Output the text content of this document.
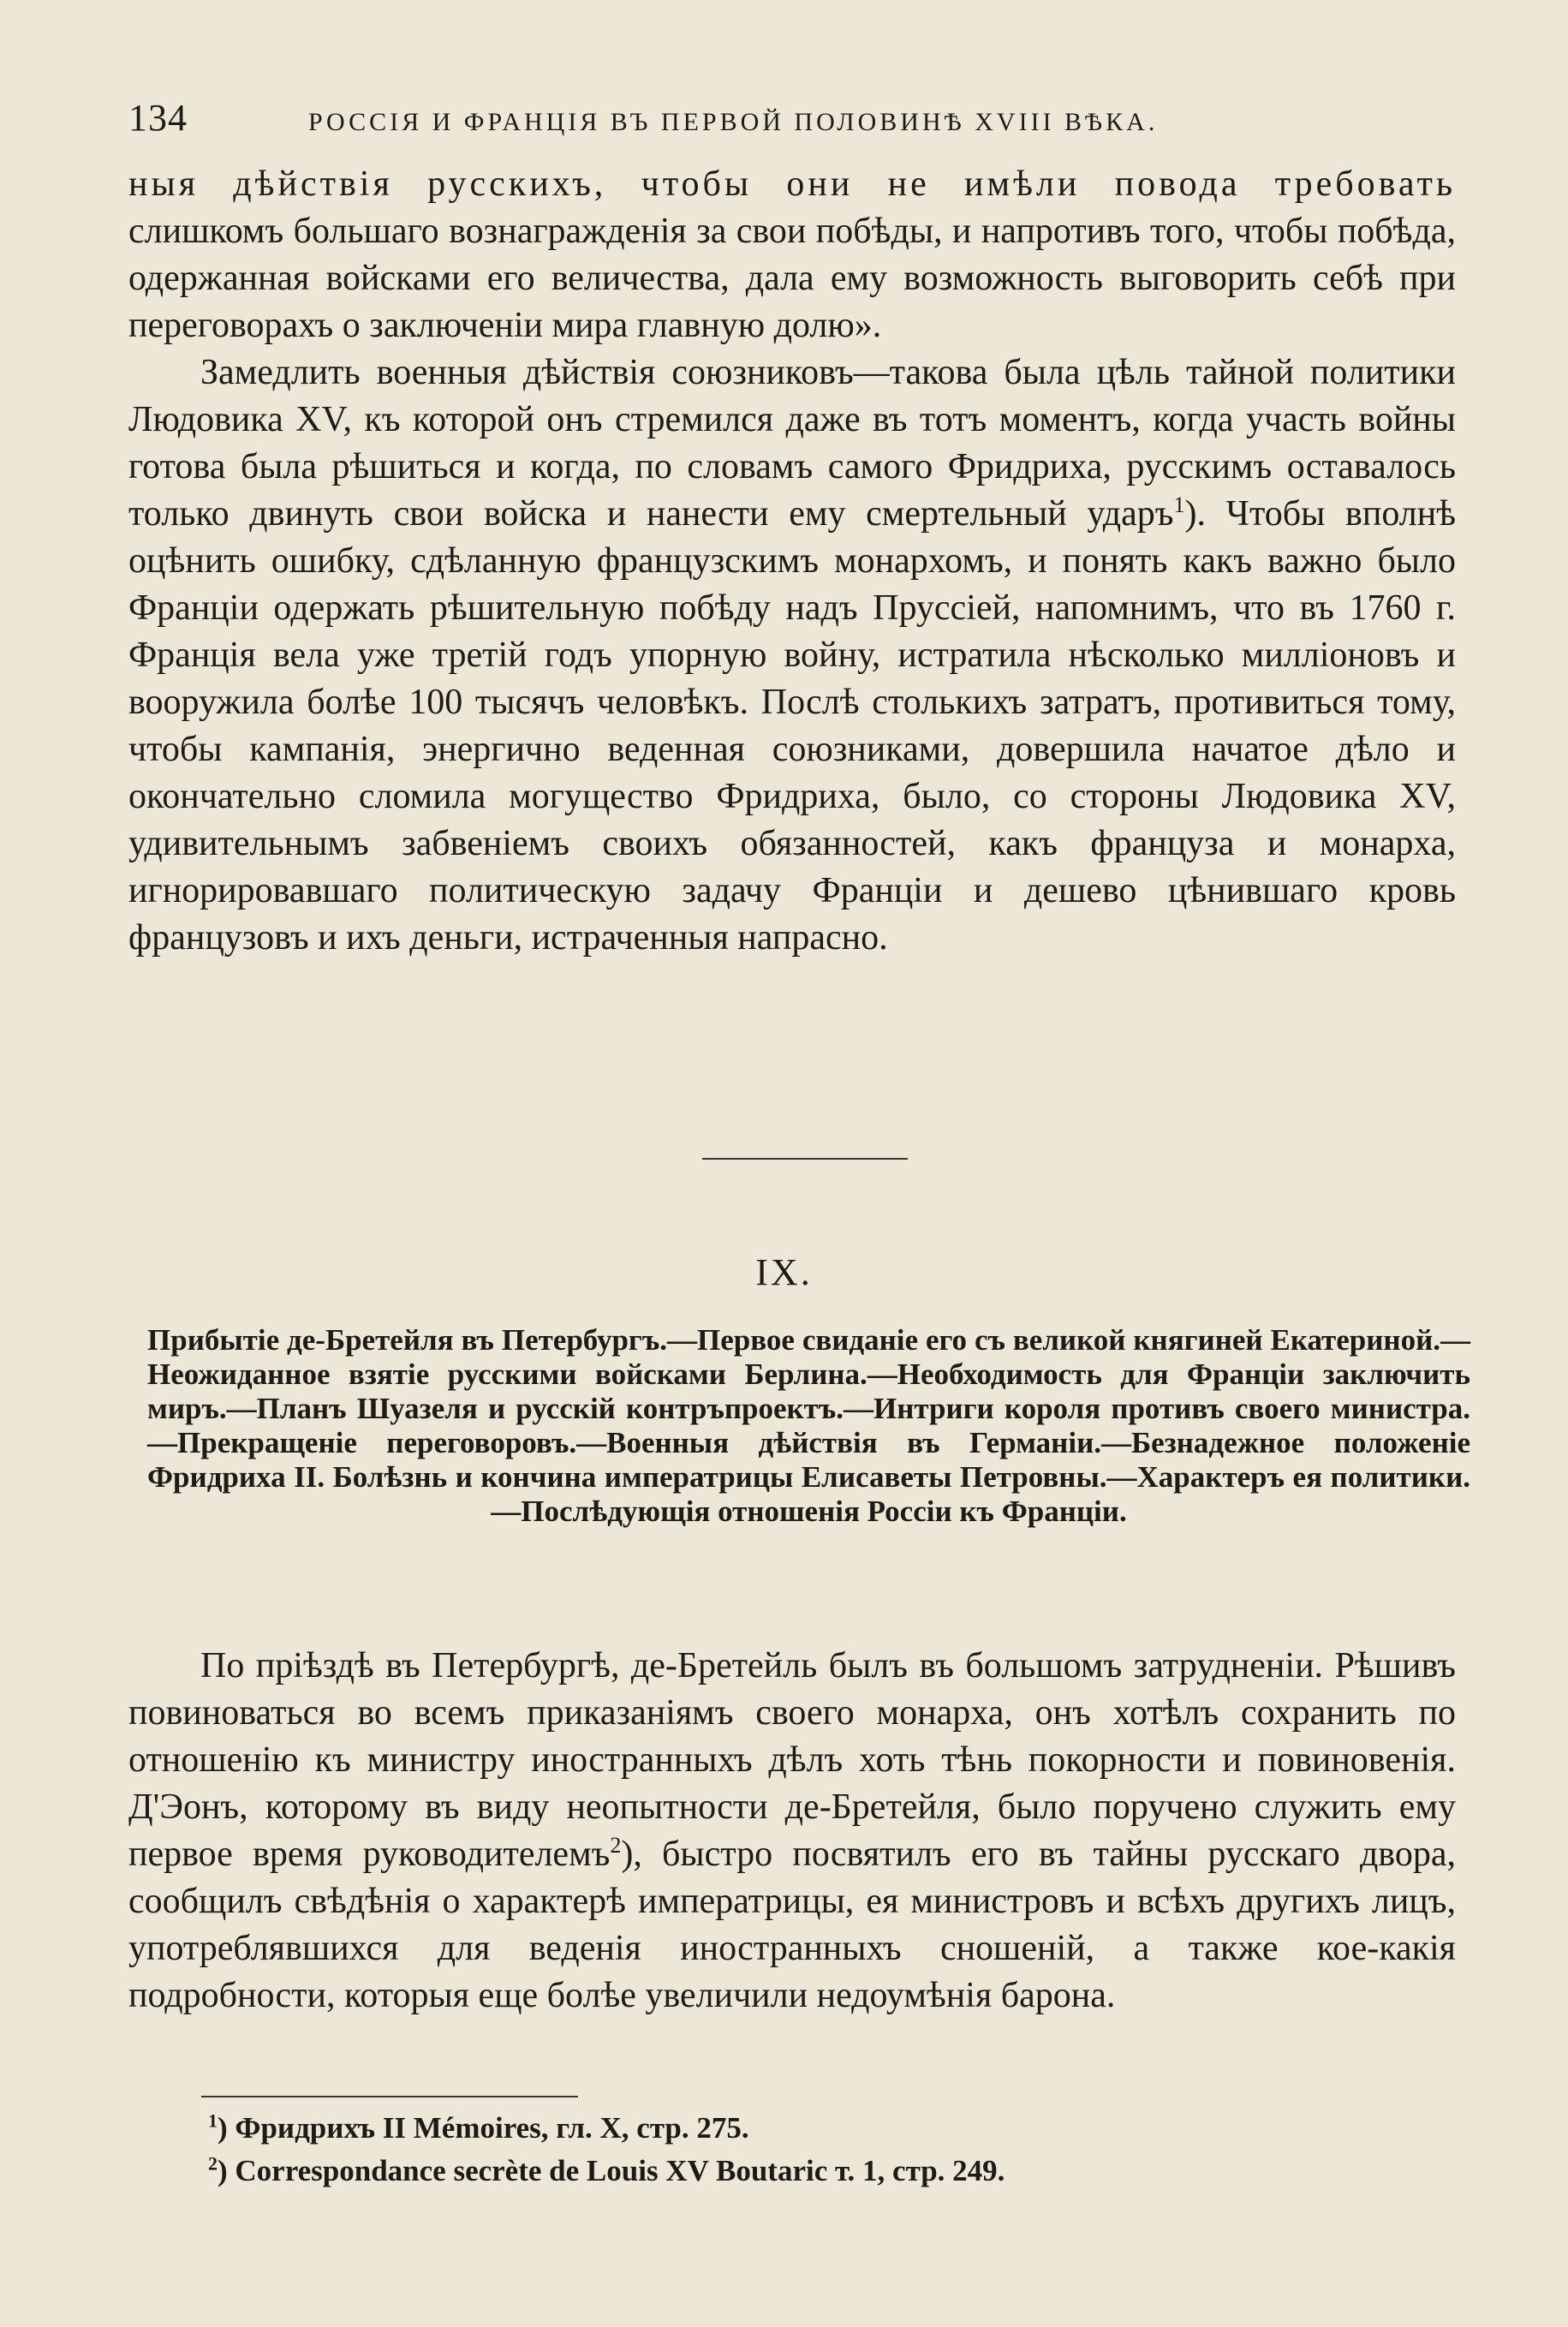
134	РОССІЯ И ФРАНЦІЯ ВЪ ПЕРВОЙ ПОЛОВИНѢ XVIII ВѢКА.

ныя дѣйствія русскихъ, чтобы они не имѣли повода требовать слишкомъ большаго вознагражденія за свои побѣды, и напротивъ того, чтобы побѣда, одержанная войсками его величества, дала ему возможность выговорить себѣ при переговорахъ о заключеніи мира главную долю».

Замедлить военныя дѣйствія союзниковъ—такова была цѣль тайной политики Людовика XV, къ которой онъ стремился даже въ тотъ моментъ, когда участь войны готова была рѣшиться и когда, по словамъ самого Фридриха, русскимъ оставалось только двинуть свои войска и нанести ему смертельный ударъ$^1$). Чтобы вполнѣ оцѣнить ошибку, сдѣланную французскимъ монархомъ, и понять какъ важно было Франціи одержать рѣшительную побѣду надъ Пруссіей, напомнимъ, что въ 1760 г. Франція вела уже третій годъ упорную войну, истратила нѣсколько милліоновъ и вооружила болѣе 100 тысячъ человѣкъ. Послѣ столькихъ затратъ, противиться тому, чтобы кампанія, энергично веденная союзниками, довершила начатое дѣло и окончательно сломила могущество Фридриха, было, со стороны Людовика XV, удивительнымъ забвеніемъ своихъ обязанностей, какъ француза и монарха, игнорировавшаго политическую задачу Франціи и дешево цѣнившаго кровь французовъ и ихъ деньги, истраченныя напрасно.

IX.

Прибытіе де-Бретейля въ Петербургъ.—Первое свиданіе его съ великой княгиней Екатериной.—Неожиданное взятіе русскими войсками Берлина.—Необходимость для Франціи заключить миръ.—Планъ Шуазеля и русскій контръпроектъ.—Интриги короля противъ своего министра.—Прекращеніе переговоровъ.—Военныя дѣйствія въ Германіи.—Безнадежное положеніе Фридриха II. Болѣзнь и кончина императрицы Елисаветы Петровны.—Характеръ ея политики.—Послѣдующія отношенія Россіи къ Франціи.

По пріѣздѣ въ Петербургѣ, де-Бретейль былъ въ большомъ затрудненіи. Рѣшивъ повиноваться во всемъ приказаніямъ своего монарха, онъ хотѣлъ сохранить по отношенію къ министру иностранныхъ дѣлъ хоть тѣнь покорности и повиновенія. Д'Эонъ, которому въ виду неопытности де-Бретейля, было поручено служить ему первое время руководителемъ$^2$), быстро посвятилъ его въ тайны русскаго двора, сообщилъ свѣдѣнія о характерѣ императрицы, ея министровъ и всѣхъ другихъ лицъ, употреблявшихся для веденія иностранныхъ сношеній, а также кое-какія подробности, которыя еще болѣе увеличили недоумѣнія барона.

$^1$) Фридрихъ II Mémoires, гл. X, стр. 275.

$^2$) Correspondance secrète de Louis XV Boutaric т. 1, стр. 249.
